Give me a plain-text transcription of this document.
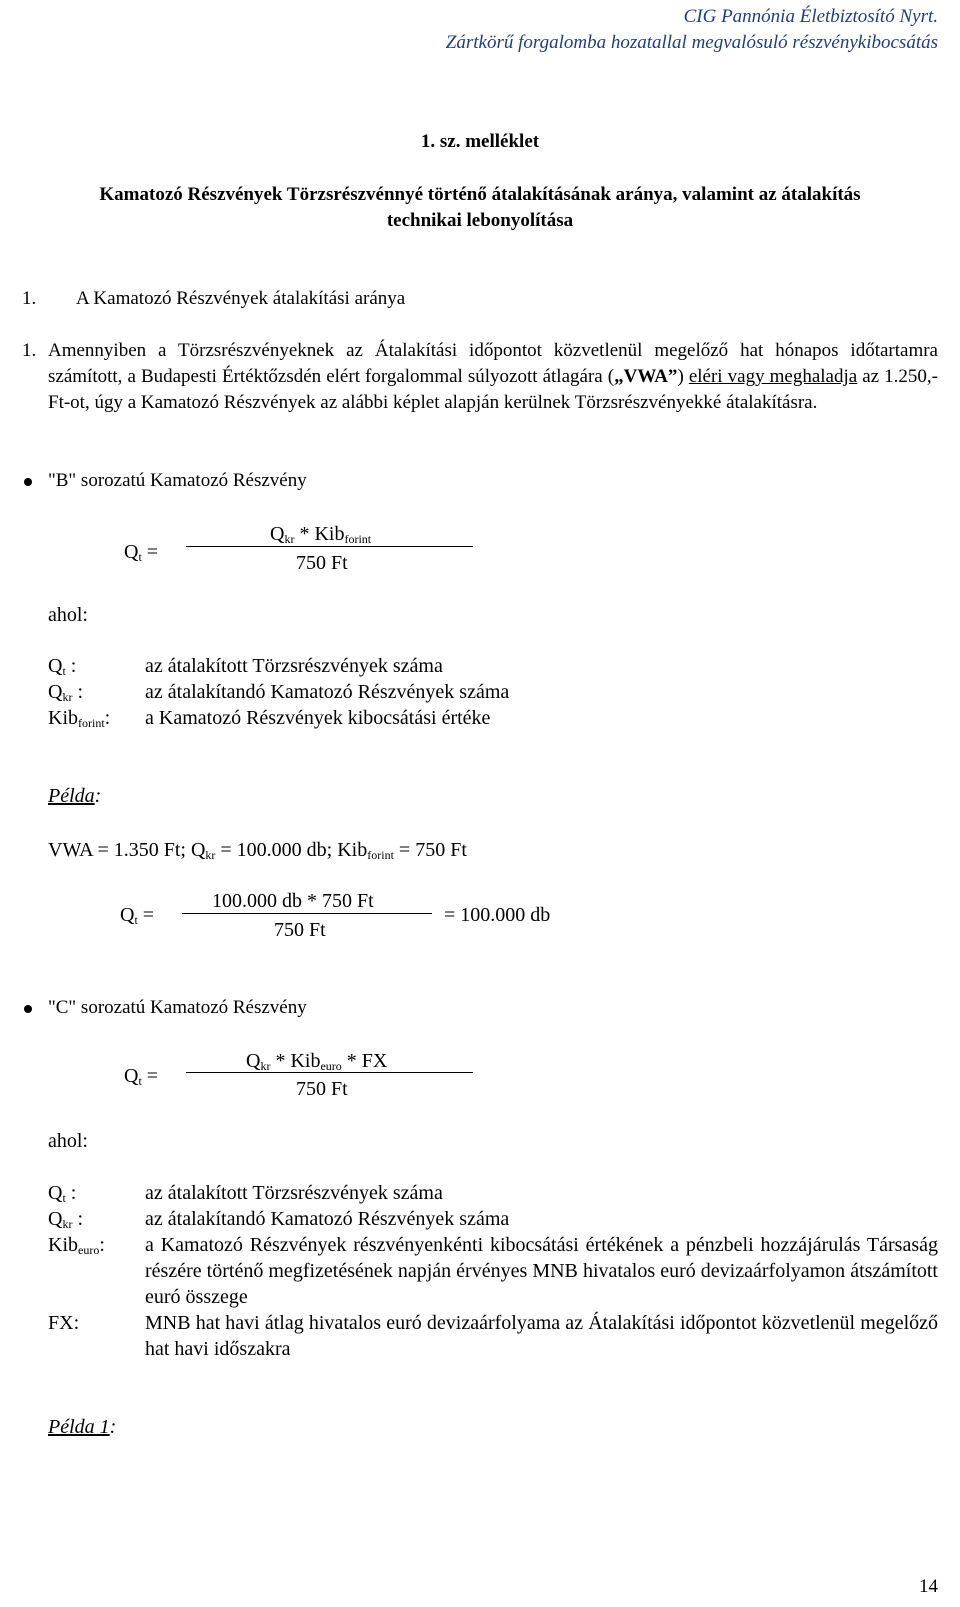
CIG Pannónia Életbiztosító Nyrt.
Zártkörű forgalomba hozatallal megvalósuló részvénykibocsátás
1. sz. melléklet
Kamatozó Részvények Törzsrészvénnyé történő átalakításának aránya, valamint az átalakítás
technikai lebonyolítása
1. A Kamatozó Részvények átalakítási aránya
1. Amennyiben a Törzsrészvényeknek az Átalakítási időpontot közvetlenül megelőző hat hónapos időtartamra számított, a Budapesti Értéktőzsdén elért forgalommal súlyozott átlagára („VWA”) eléri vagy meghaladja az 1.250,- Ft-ot, úgy a Kamatozó Részvények az alábbi képlet alapján kerülnek Törzsrészvényekké átalakításra.
"B" sorozatú Kamatozó Részvény
$Q_t$ =
$Q_{kr} * Kib_{forint}$
750 Ft
ahol:
$Q_t$ :	az átalakított Törzsrészvények száma
$Q_{kr}$ :	az átalakítandó Kamatozó Részvények száma
Kib$_{forint}$: a Kamatozó Részvények kibocsátási értéke
Példa:
VWA = 1.350 Ft; $Q_{kr} = 100.000$ db; Kib$_{forint}$ = 750 Ft
$Q_t$ =
100.000 db * 750 Ft
750 Ft
= 100.000 db
"C" sorozatú Kamatozó Részvény
$Q_t$ =
$Q_{kr} * Kib_{euro}$ * FX
750 Ft
ahol:
$Q_t$ :	az átalakított Törzsrészvények száma
$Q_{kr}$ :	az átalakítandó Kamatozó Részvények száma
Kib$_{euro}$: a Kamatozó Részvények részvényenkénti kibocsátási értékének a pénzbeli hozzájárulás Társaság részére történő megfizetésének napján érvényes MNB hivatalos euró devizaárfolyamon átszámított euró összege
FX:	MNB hat havi átlag hivatalos euró devizaárfolyama az Átalakítási időpontot közvetlenül megelőző hat havi időszakra
Példa 1:
14
